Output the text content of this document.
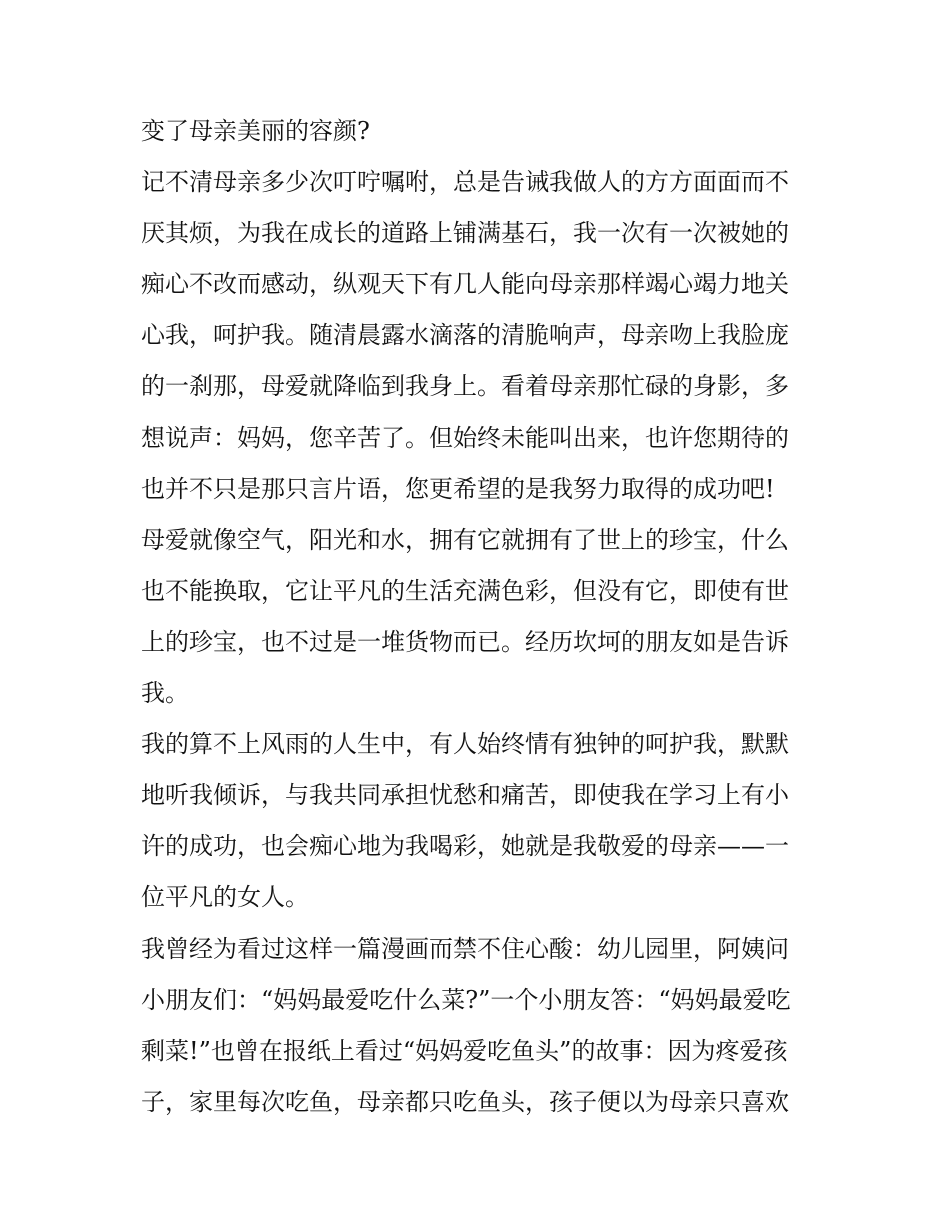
变了母亲美丽的容颜?
记不清母亲多少次叮咛嘱咐，总是告诫我做人的方方面面而不
厌其烦，为我在成长的道路上铺满基石，我一次有一次被她的
痴心不改而感动，纵观天下有几人能向母亲那样竭心竭力地关
心我，呵护我。随清晨露水滴落的清脆响声，母亲吻上我脸庞
的一刹那，母爱就降临到我身上。看着母亲那忙碌的身影，多
想说声：妈妈，您辛苦了。但始终未能叫出来，也许您期待的
也并不只是那只言片语，您更希望的是我努力取得的成功吧!
母爱就像空气，阳光和水，拥有它就拥有了世上的珍宝，什么
也不能换取，它让平凡的生活充满色彩，但没有它，即使有世
上的珍宝，也不过是一堆货物而已。经历坎坷的朋友如是告诉
我。
我的算不上风雨的人生中，有人始终情有独钟的呵护我，默默
地听我倾诉，与我共同承担忧愁和痛苦，即使我在学习上有小
许的成功，也会痴心地为我喝彩，她就是我敬爱的母亲——一
位平凡的女人。
我曾经为看过这样一篇漫画而禁不住心酸：幼儿园里，阿姨问
小朋友们：“妈妈最爱吃什么菜?”一个小朋友答：“妈妈最爱吃
剩菜!”也曾在报纸上看过“妈妈爱吃鱼头”的故事：因为疼爱孩
子，家里每次吃鱼，母亲都只吃鱼头，孩子便以为母亲只喜欢
